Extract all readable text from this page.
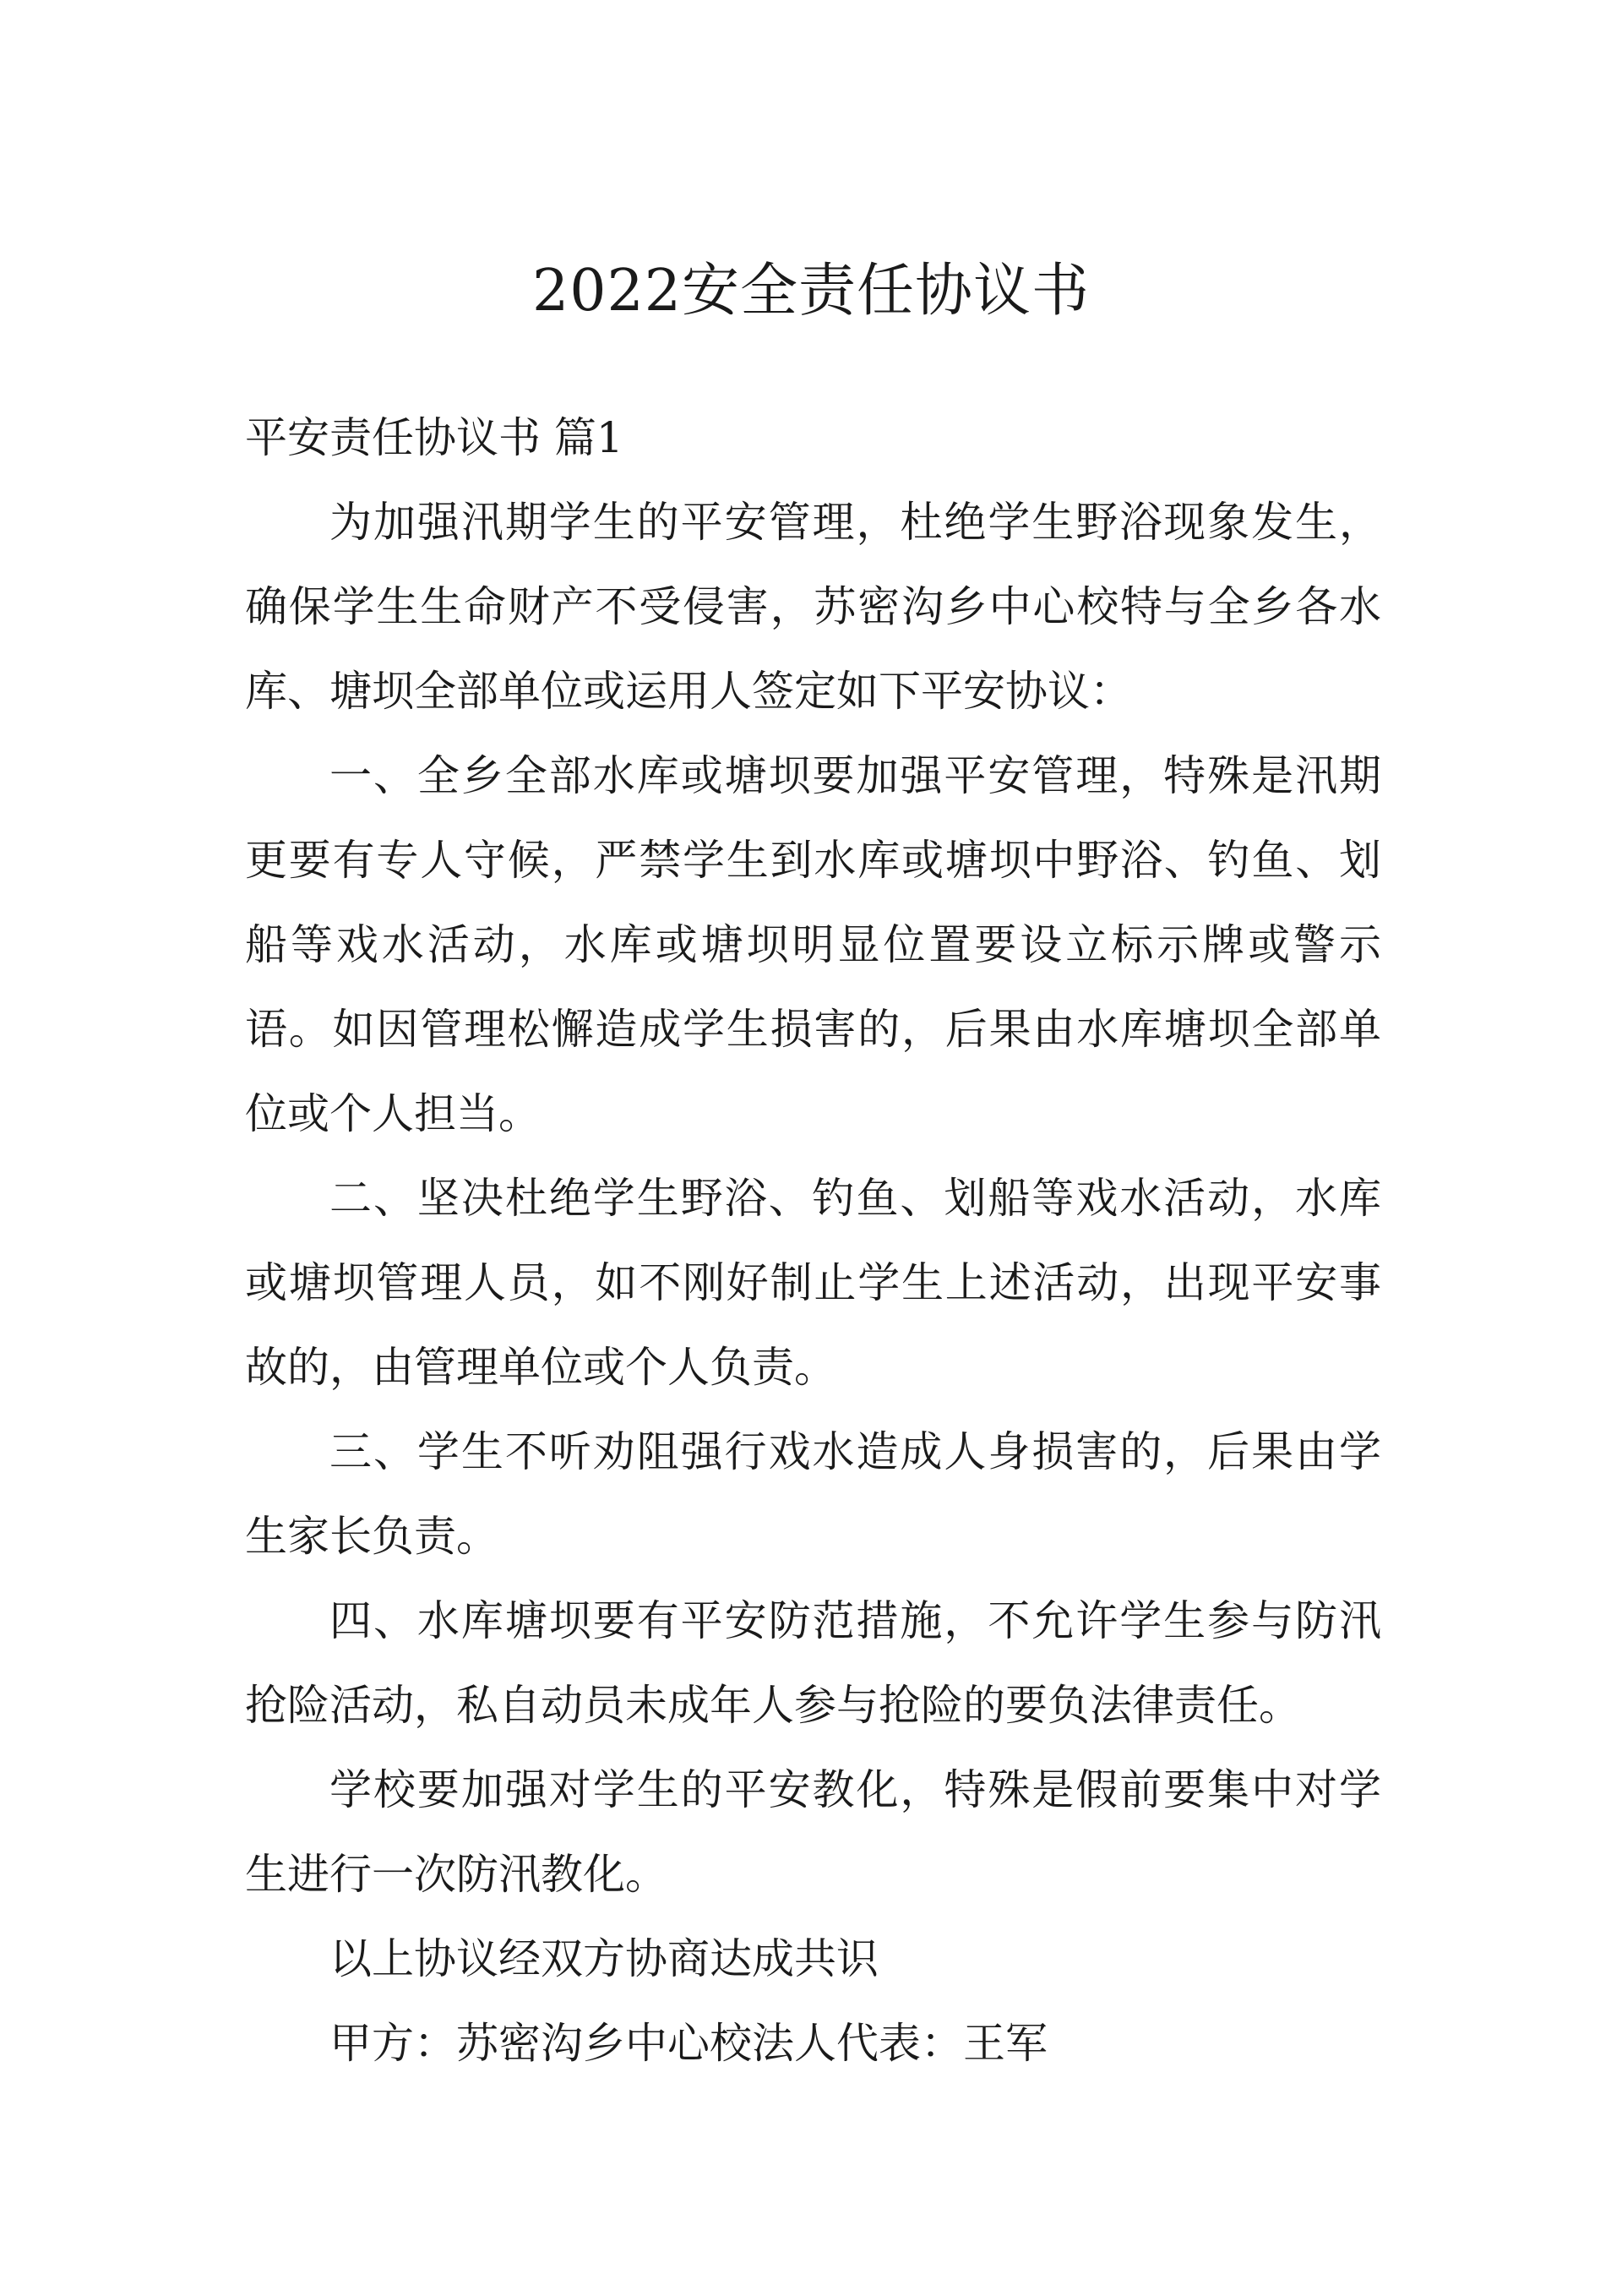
2022安全责任协议书

平安责任协议书 篇1

为加强汛期学生的平安管理，杜绝学生野浴现象发生，确保学生生命财产不受侵害，苏密沟乡中心校特与全乡各水库、塘坝全部单位或运用人签定如下平安协议：

一、全乡全部水库或塘坝要加强平安管理，特殊是汛期更要有专人守候，严禁学生到水库或塘坝中野浴、钓鱼、划船等戏水活动，水库或塘坝明显位置要设立标示牌或警示语。如因管理松懈造成学生损害的，后果由水库塘坝全部单位或个人担当。

二、坚决杜绝学生野浴、钓鱼、划船等戏水活动，水库或塘坝管理人员，如不刚好制止学生上述活动，出现平安事故的，由管理单位或个人负责。

三、学生不听劝阻强行戏水造成人身损害的，后果由学生家长负责。

四、水库塘坝要有平安防范措施，不允许学生参与防汛抢险活动，私自动员未成年人参与抢险的要负法律责任。

学校要加强对学生的平安教化，特殊是假前要集中对学生进行一次防汛教化。

以上协议经双方协商达成共识

甲方：苏密沟乡中心校法人代表：王军
